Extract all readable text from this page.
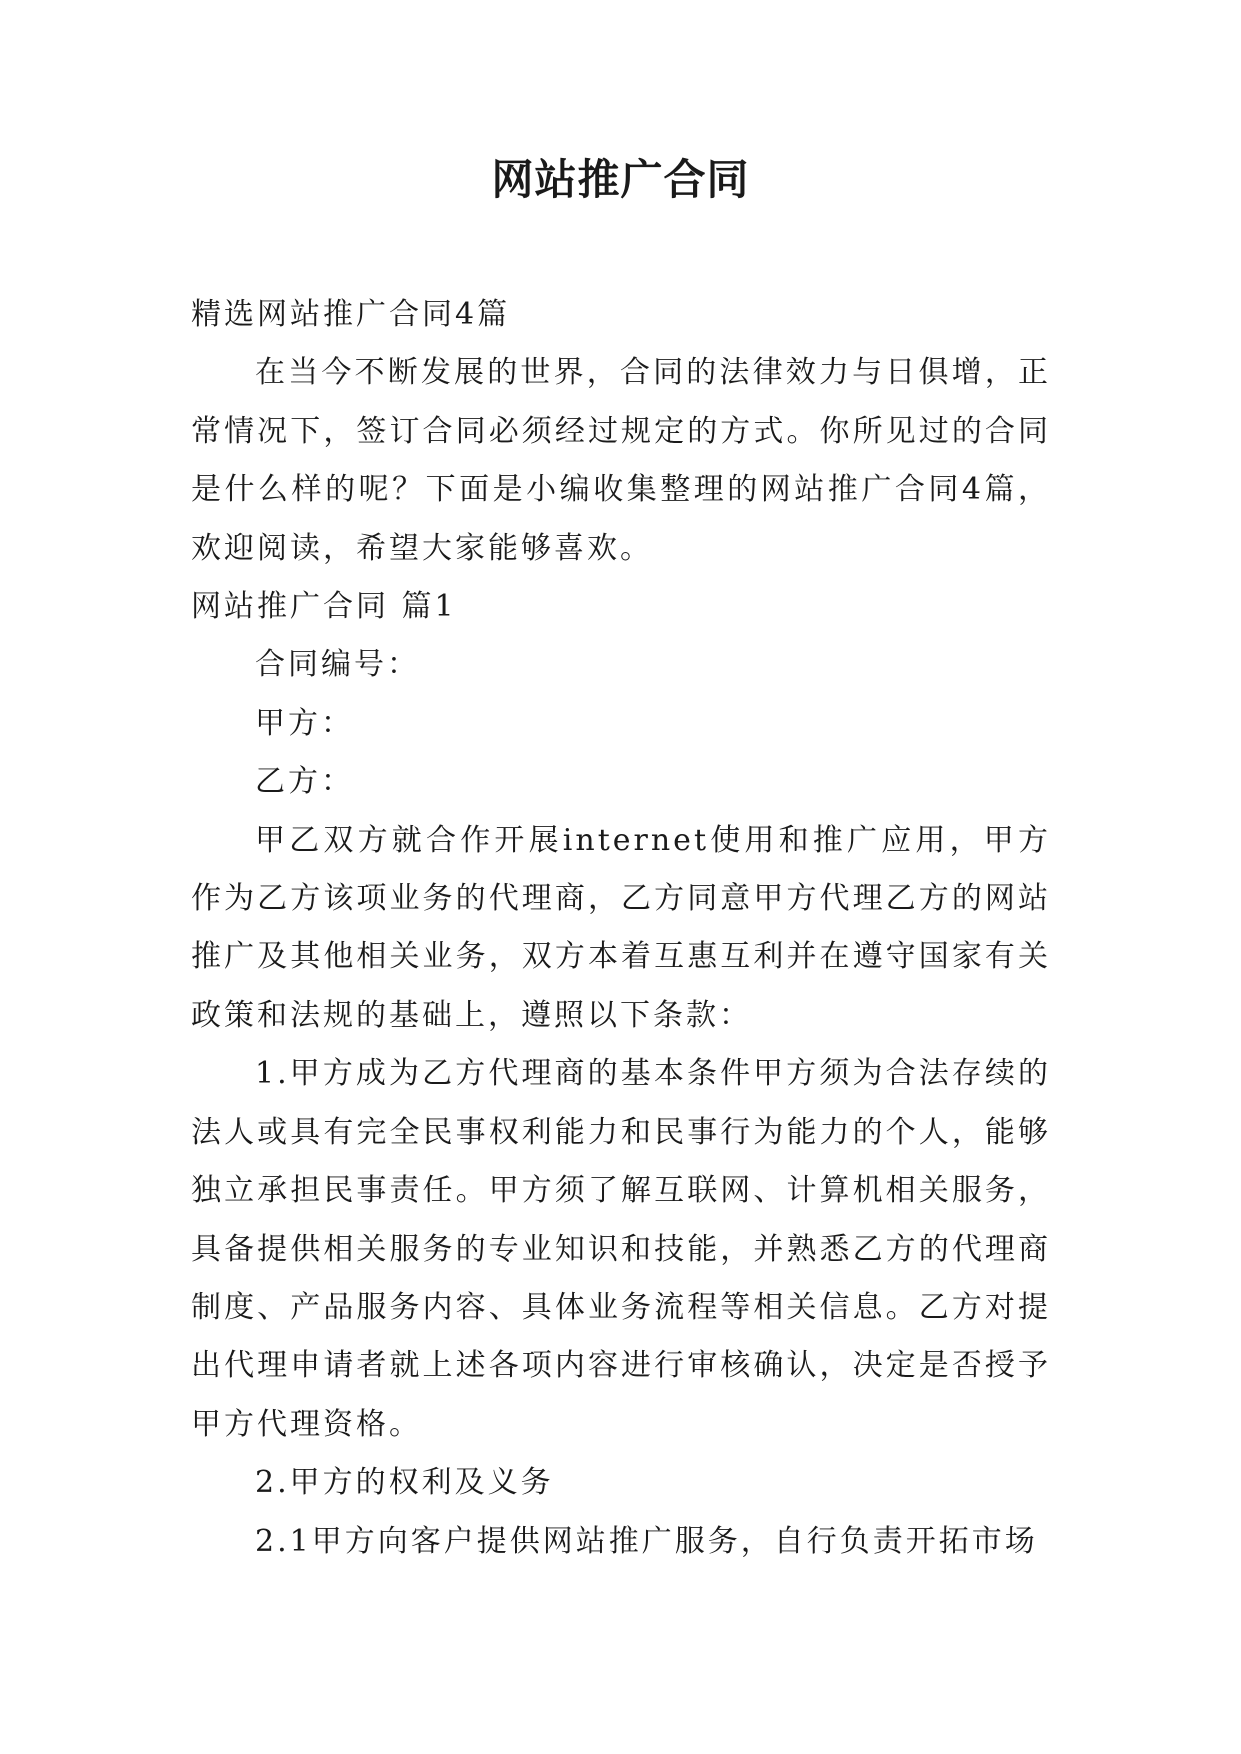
网站推广合同

精选网站推广合同4篇

在当今不断发展的世界，合同的法律效力与日俱增，正常情况下，签订合同必须经过规定的方式。你所见过的合同是什么样的呢？下面是小编收集整理的网站推广合同4篇，欢迎阅读，希望大家能够喜欢。

网站推广合同 篇1

合同编号：

甲方：

乙方：

甲乙双方就合作开展internet使用和推广应用，甲方作为乙方该项业务的代理商，乙方同意甲方代理乙方的网站推广及其他相关业务，双方本着互惠互利并在遵守国家有关政策和法规的基础上，遵照以下条款：

1.甲方成为乙方代理商的基本条件甲方须为合法存续的法人或具有完全民事权利能力和民事行为能力的个人，能够独立承担民事责任。甲方须了解互联网、计算机相关服务，具备提供相关服务的专业知识和技能，并熟悉乙方的代理商制度、产品服务内容、具体业务流程等相关信息。乙方对提出代理申请者就上述各项内容进行审核确认，决定是否授予甲方代理资格。

2.甲方的权利及义务

2.1甲方向客户提供网站推广服务，自行负责开拓市场
